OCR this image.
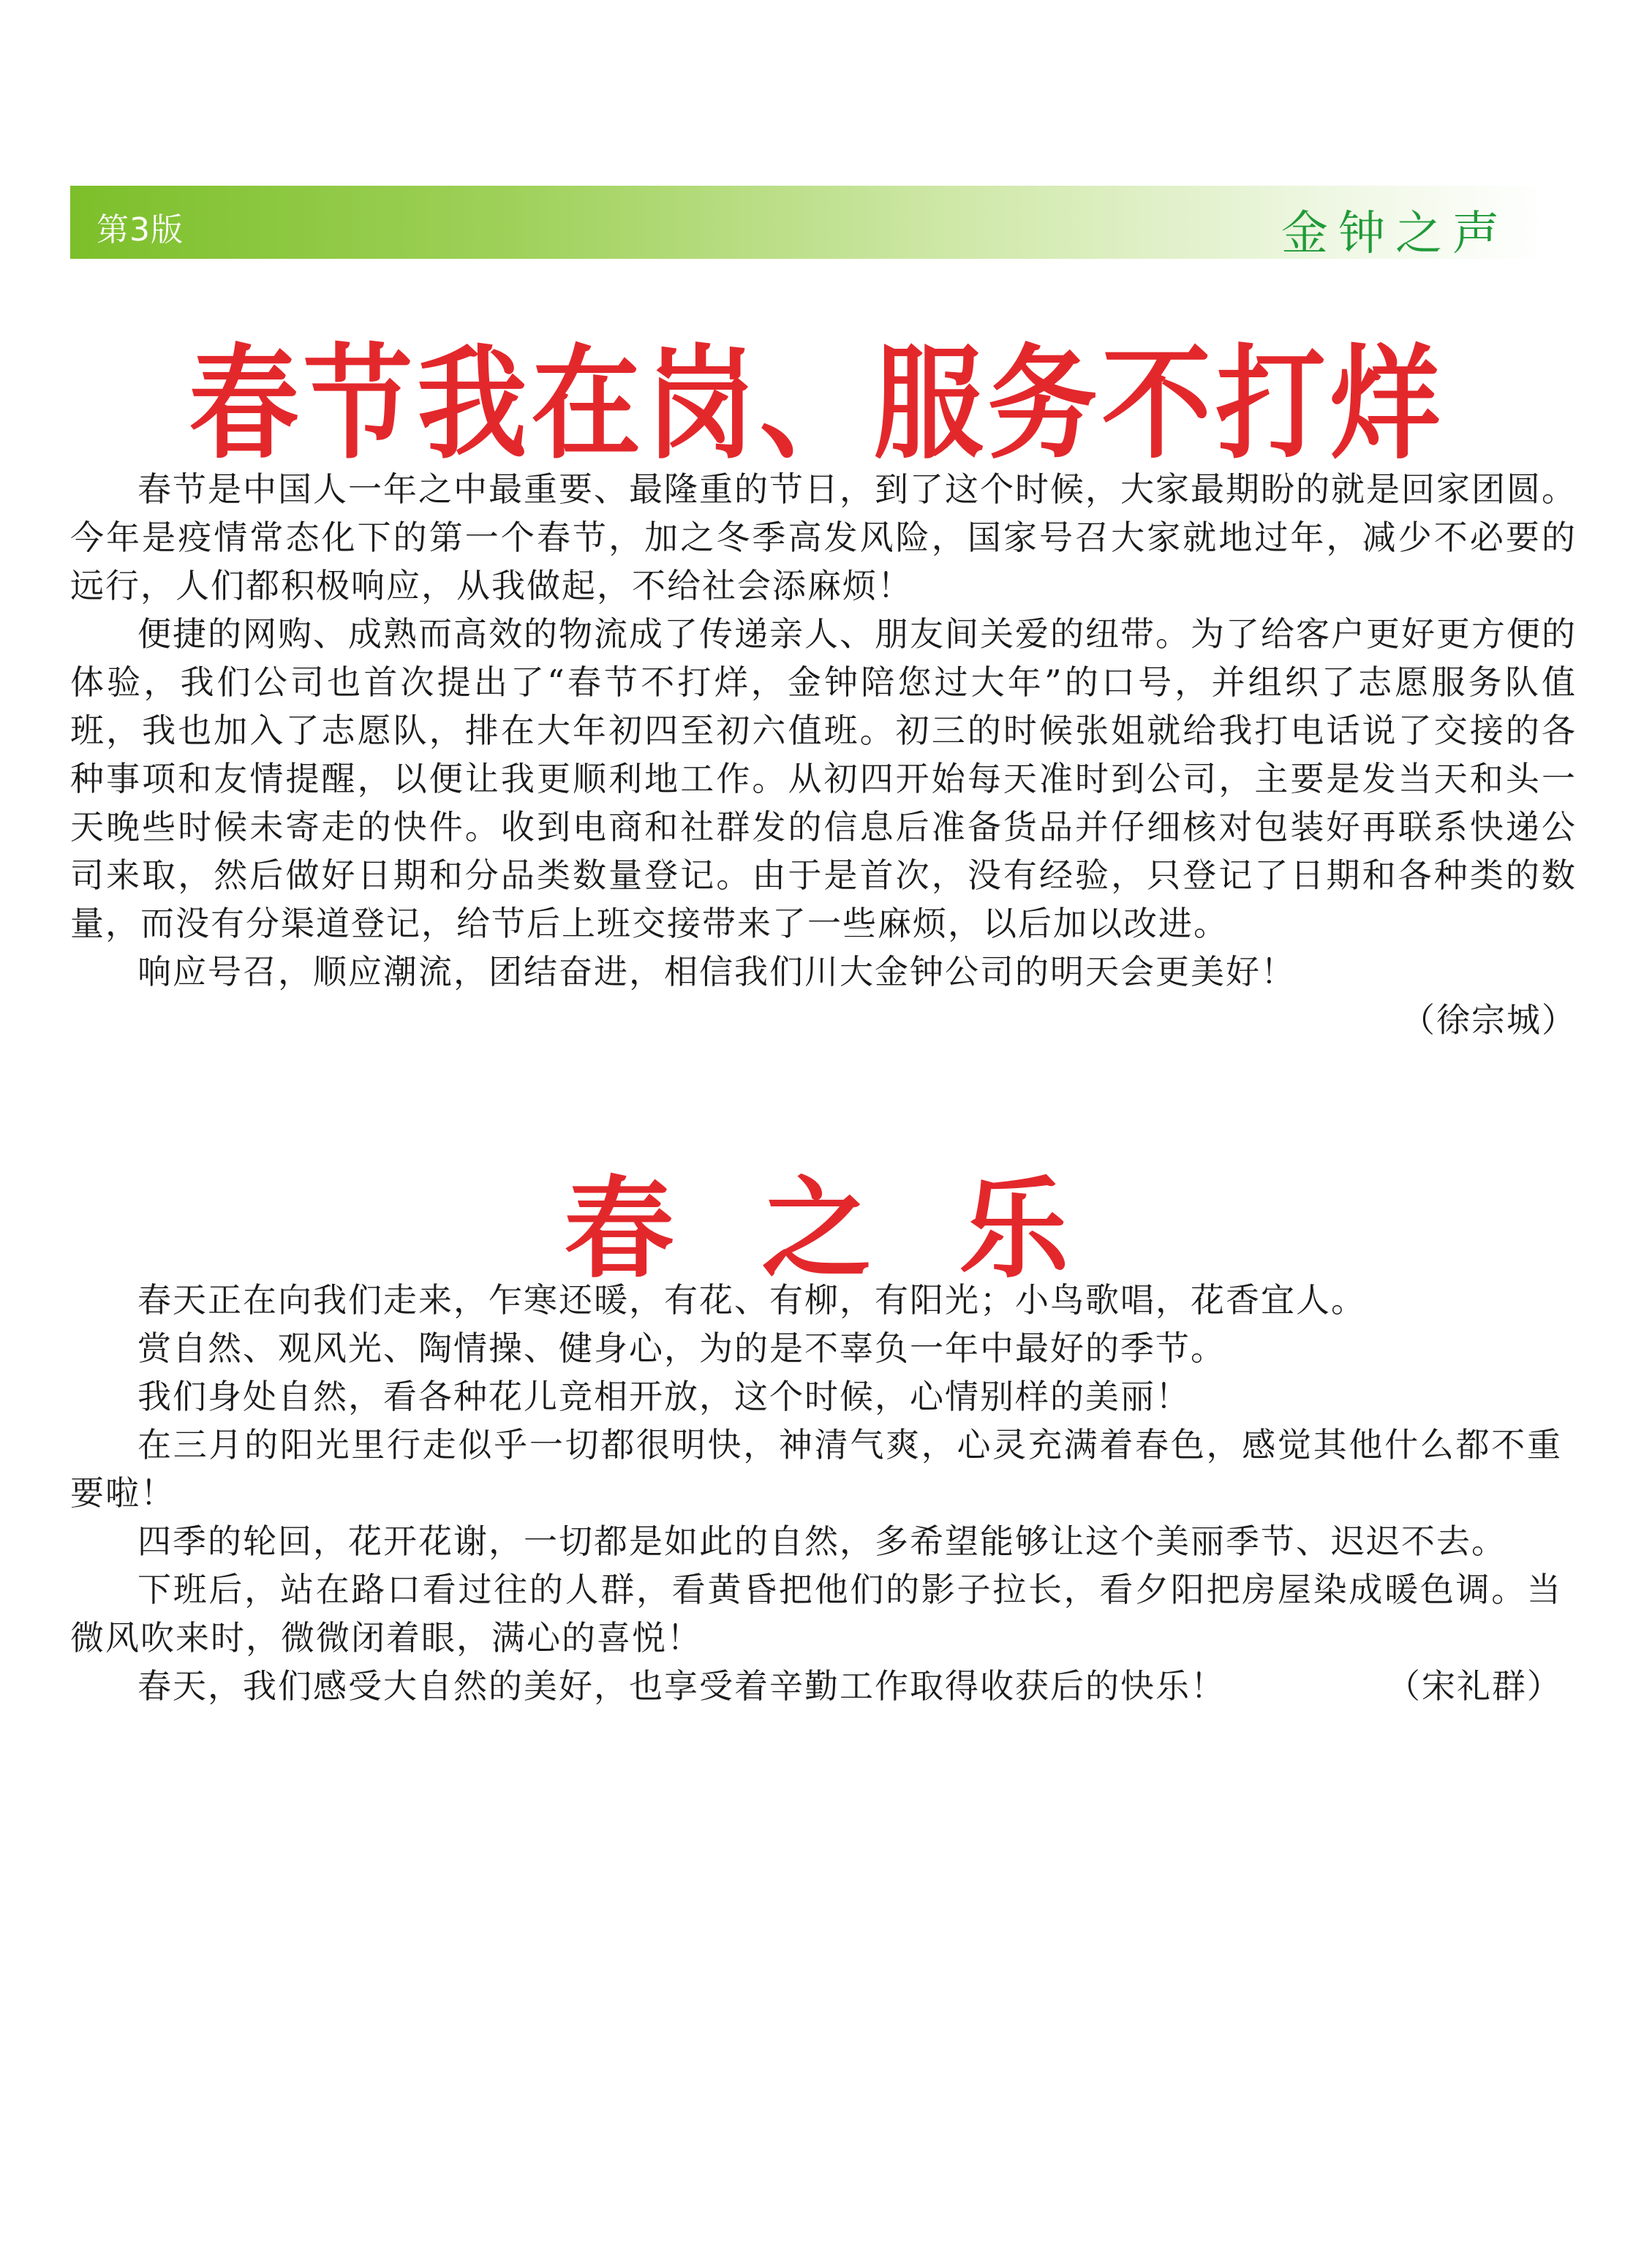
第3版	金钟之声
春节我在岗、服务不打烊

春节是中国人一年之中最重要、最隆重的节日，到了这个时候，大家最期盼的就是回家团圆。今年是疫情常态化下的第一个春节，加之冬季高发风险，国家号召大家就地过年，减少不必要的远行，人们都积极响应，从我做起，不给社会添麻烦！

便捷的网购、成熟而高效的物流成了传递亲人、朋友间关爱的纽带。为了给客户更好更方便的体验，我们公司也首次提出了“春节不打烊，金钟陪您过大年”的口号，并组织了志愿服务队值班，我也加入了志愿队，排在大年初四至初六值班。初三的时候张姐就给我打电话说了交接的各种事项和友情提醒，以便让我更顺利地工作。从初四开始每天准时到公司，主要是发当天和头一天晚些时候未寄走的快件。收到电商和社群发的信息后准备货品并仔细核对包装好再联系快递公司来取，然后做好日期和分品类数量登记。由于是首次，没有经验，只登记了日期和各种类的数量，而没有分渠道登记，给节后上班交接带来了一些麻烦，以后加以改进。

响应号召，顺应潮流，团结奋进，相信我们川大金钟公司的明天会更美好！

（徐宗城）
春之乐

春天正在向我们走来，乍寒还暖，有花、有柳，有阳光；小鸟歌唱，花香宜人。

赏自然、观风光、陶情操、健身心，为的是不辜负一年中最好的季节。

我们身处自然，看各种花儿竞相开放，这个时候，心情别样的美丽！

在三月的阳光里行走似乎一切都很明快，神清气爽，心灵充满着春色，感觉其他什么都不重要啦！

四季的轮回，花开花谢，一切都是如此的自然，多希望能够让这个美丽季节、迟迟不去。

下班后，站在路口看过往的人群，看黄昏把他们的影子拉长，看夕阳把房屋染成暖色调。当微风吹来时，微微闭着眼，满心的喜悦！

春天，我们感受大自然的美好，也享受着辛勤工作取得收获后的快乐！	（宋礼群）
